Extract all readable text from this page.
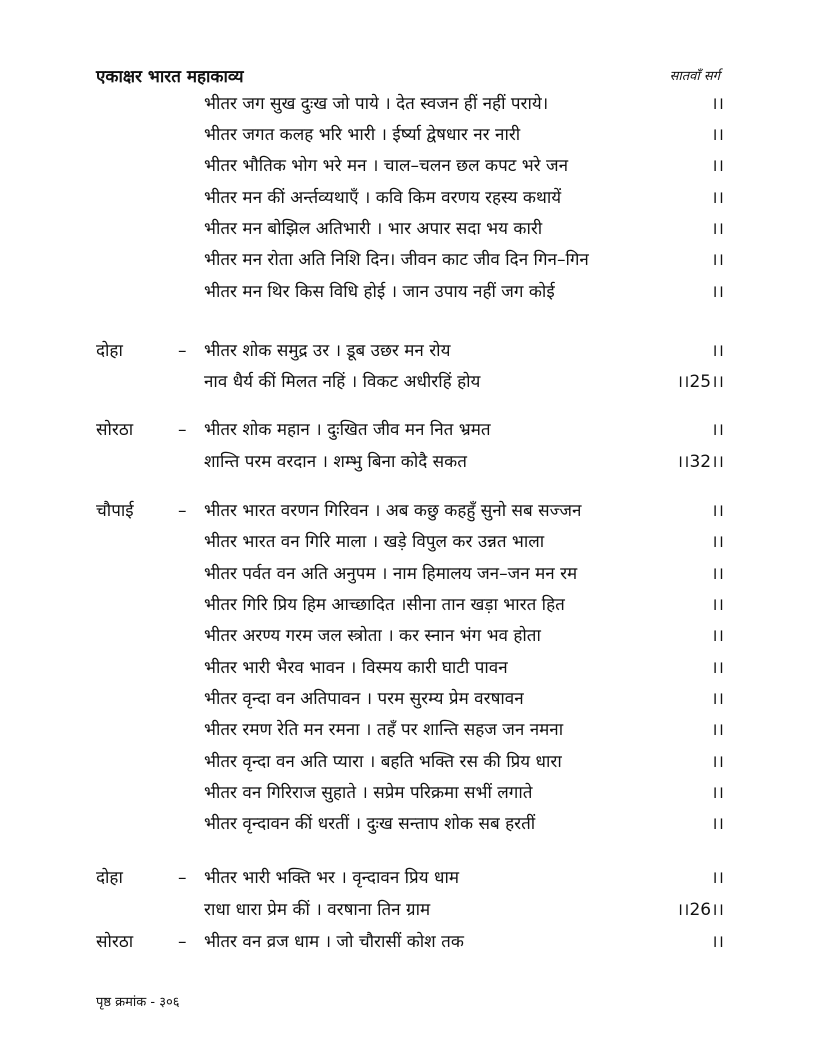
एकाक्षर भारत महाकाव्य	सातवाँ सर्ग
भीतर जग सुख दुःख जो पाये । देत स्वजन हीं नहीं पराये।	।।
भीतर जगत कलह भरि भारी । ईर्ष्या द्वेषधार नर नारी	।।
भीतर भौतिक भोग भरे मन । चाल–चलन छल कपट भरे जन	।।
भीतर मन कीं अर्न्तव्यथाएँ । कवि किम वरणय रहस्य कथायें	।।
भीतर मन बोझिल अतिभारी । भार अपार सदा भय कारी	।।
भीतर मन रोता अति निशि दिन। जीवन काट जीव दिन गिन–गिन	।।
भीतर मन थिर किस विधि होई । जान उपाय नहीं जग कोई	।।
दोहा	– भीतर शोक समुद्र उर । डूब उछर मन रोय	।।
नाव धैर्य कीं मिलत नहिं । विकट अधीरहिं होय	।।25।।
सोरठा	– भीतर शोक महान । दुःखित जीव मन नित भ्रमत	।।
शान्ति परम वरदान । शम्भु बिना कोदै सकत	।।32।।
चौपाई	– भीतर भारत वरणन गिरिवन । अब कछु कहहुँ सुनो सब सज्जन	।।
भीतर भारत वन गिरि माला । खड़े विपुल कर उन्नत भाला	।।
भीतर पर्वत वन अति अनुपम । नाम हिमालय जन–जन मन रम	।।
भीतर गिरि प्रिय हिम आच्छादित ।सीना तान खड़ा भारत हित	।।
भीतर अरण्य गरम जल स्त्रोता । कर स्नान भंग भव होता	।।
भीतर भारी भैरव भावन । विस्मय कारी घाटी पावन	।।
भीतर वृन्दा वन अतिपावन । परम सुरम्य प्रेम वरषावन	।।
भीतर रमण रेति मन रमना । तहँ पर शान्ति सहज जन नमना	।।
भीतर वृन्दा वन अति प्यारा । बहति भक्ति रस की प्रिय धारा	।।
भीतर वन गिरिराज सुहाते । सप्रेम परिक्रमा सभीं लगाते	।।
भीतर वृन्दावन कीं धरतीं । दुःख सन्ताप शोक सब हरतीं	।।
दोहा	– भीतर भारी भक्ति भर । वृन्दावन प्रिय धाम	।।
राधा धारा प्रेम कीं । वरषाना तिन ग्राम	।।26।।
सोरठा	– भीतर वन व्रज धाम । जो चौरासीं कोश तक	।।
पृष्ठ क्रमांक - ३०६
